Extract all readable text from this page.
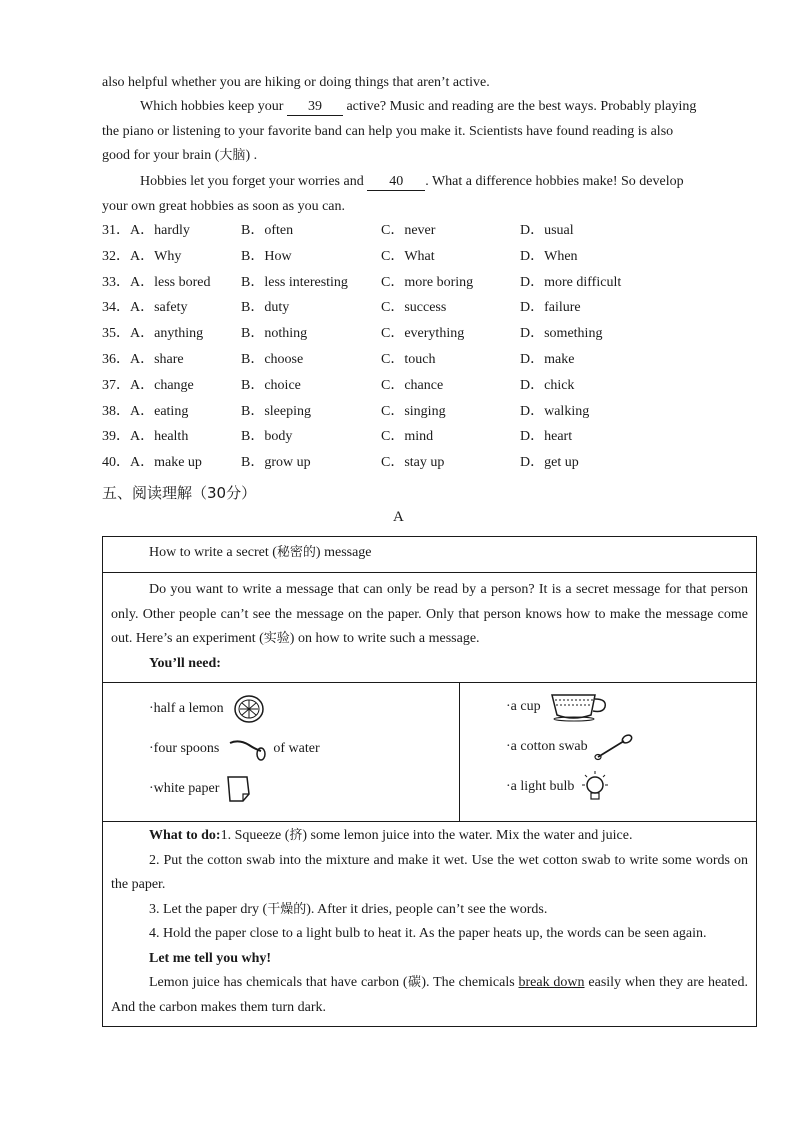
also helpful whether you are hiking or doing things that aren’t active.
Which hobbies keep your 39 active? Music and reading are the best ways. Probably playing
the piano or listening to your favorite band can help you make it. Scientists have found reading is also
good for your brain (大脑) .
Hobbies let you forget your worries and 40 . What a difference hobbies make! So develop
your own great hobbies as soon as you can.
31．A．hardly	B．often	C．never	D．usual
32．A．Why	B．How	C．What	D．When
33．A．less bored B．less interesting C．more boring	D．more difficult
34．A．safety	B．duty	C．success	D．failure
35．A．anything	B．nothing	C．everything	D．something
36．A．share	B．choose	C．touch	D．make
37．A．change	B．choice	C．chance	D．chick
38．A．eating	B．sleeping	C．singing	D．walking
39．A．health	B．body	C．mind	D．heart
40．A．make up	B．grow up	C．stay up	D．get up
五、阅读理解（30分）
A
How to write a secret (秘密的) message

Do you want to write a message that can only be read by a person? It is a secret message for that person only. Other people can’t see the message on the paper. Only that person knows how to make the message come out. Here’s an experiment (实验) on how to write such a message.
You’ll need:

·half a lemon
·four spoons	of water
·white paper

·a cup
·a cotton swab
·a light bulb

What to do:1. Squeeze (挤) some lemon juice into the water. Mix the water and juice.
2. Put the cotton swab into the mixture and make it wet. Use the wet cotton swab to write some words on the paper.
3. Let the paper dry (干燥的). After it dries, people can’t see the words.
4. Hold the paper close to a light bulb to heat it. As the paper heats up, the words can be seen again.
Let me tell you why!
Lemon juice has chemicals that have carbon (碳). The chemicals break down easily when they are heated. And the carbon makes them turn dark.
